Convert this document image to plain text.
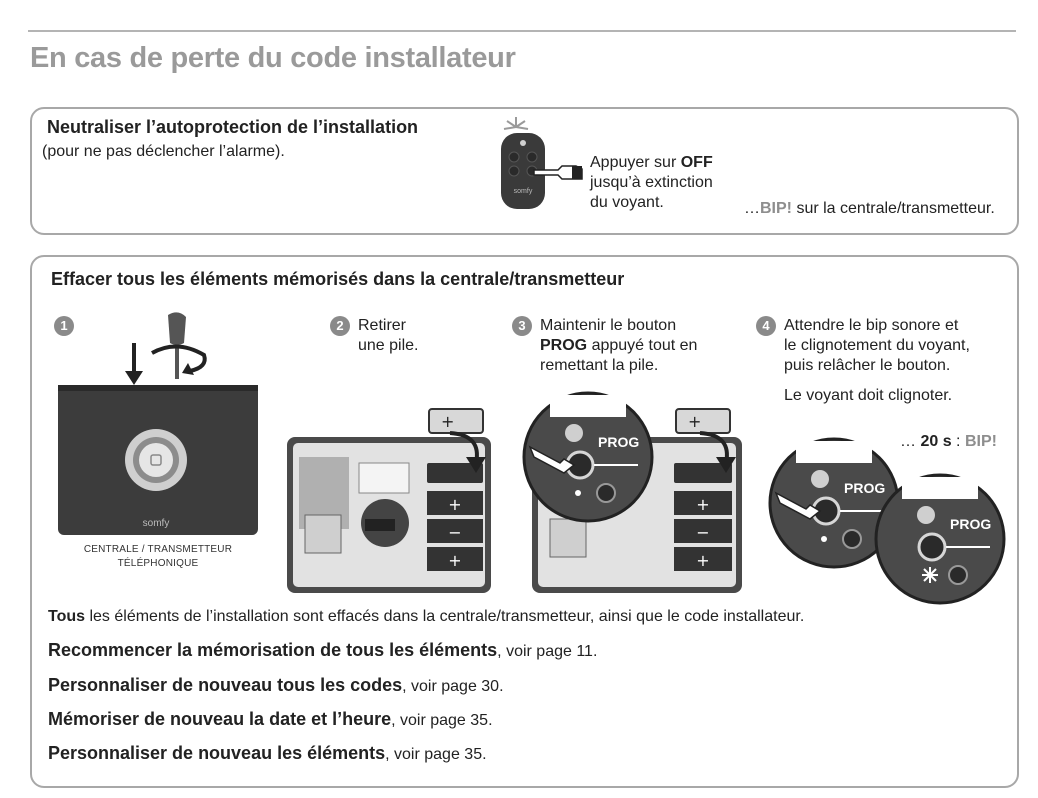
En cas de perte du code installateur
Neutraliser l’autoprotection de l’installation
(pour ne pas déclencher l’alarme).
somfy
Appuyer sur OFF
jusqu’à extinction
du voyant.	…BIP! sur la centrale/transmetteur.
Effacer tous les éléments mémorisés dans la centrale/transmetteur
1
somfy
CENTRALE / TRANSMETTEUR
TÉLÉPHONIQUE
2 Retirer
une pile.
+
−
+
+
3 Maintenir le bouton
PROG appuyé tout en
remettant la pile.
+
−
+
PROG
+
4 Attendre le bip sonore et
le clignotement du voyant,
puis relâcher le bouton.
Le voyant doit clignoter.
… 20 s : BIP!
PROG
PROG
Tous les éléments de l’installation sont effacés dans la centrale/transmetteur, ainsi que le code installateur.
Recommencer la mémorisation de tous les éléments, voir page 11.
Personnaliser de nouveau tous les codes, voir page 30.
Mémoriser de nouveau la date et l’heure, voir page 35.
Personnaliser de nouveau les éléments, voir page 35.
